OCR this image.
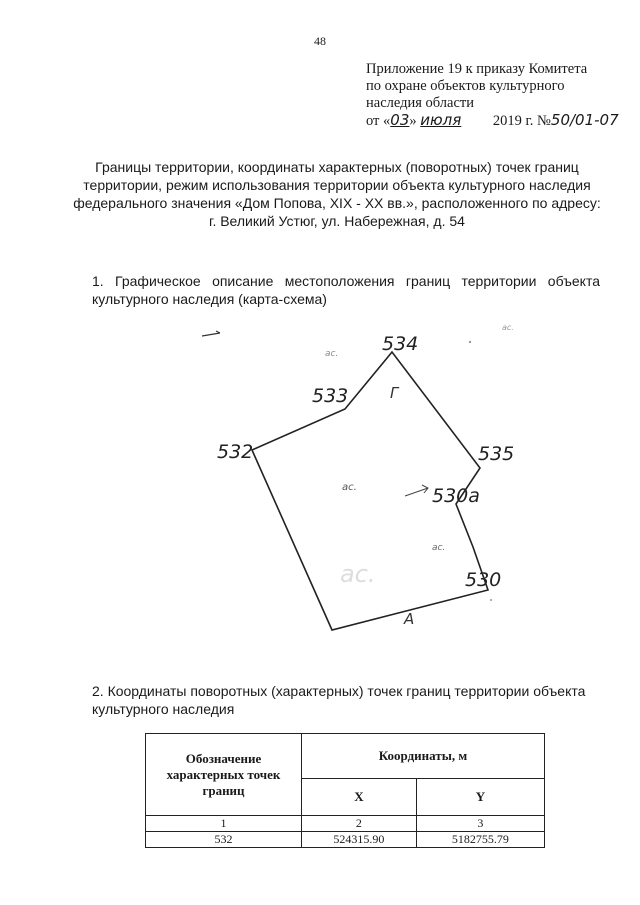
48
Приложение 19 к приказу Комитета
по охране объектов культурного
наследия области
от «03» июля 2019 г. №50/01-07
Границы территории, координаты характерных (поворотных) точек границ территории, режим использования территории объекта культурного наследия федерального значения «Дом Попова, XIX - XX вв.», расположенного по адресу: г. Великий Устюг, ул. Набережная, д. 54
1. Графическое описание местоположения границ территории объекта культурного наследия (карта-схема)
534
533
532	535
530а
530
Г
А
ас.
ас.
ас.
ас.
ас.
2. Координаты поворотных (характерных) точек границ территории объекта культурного наследия
Обозначение характерных точек границ	Координаты, м	
	X	Y
1	2	3
532	524315.90	5182755.79
